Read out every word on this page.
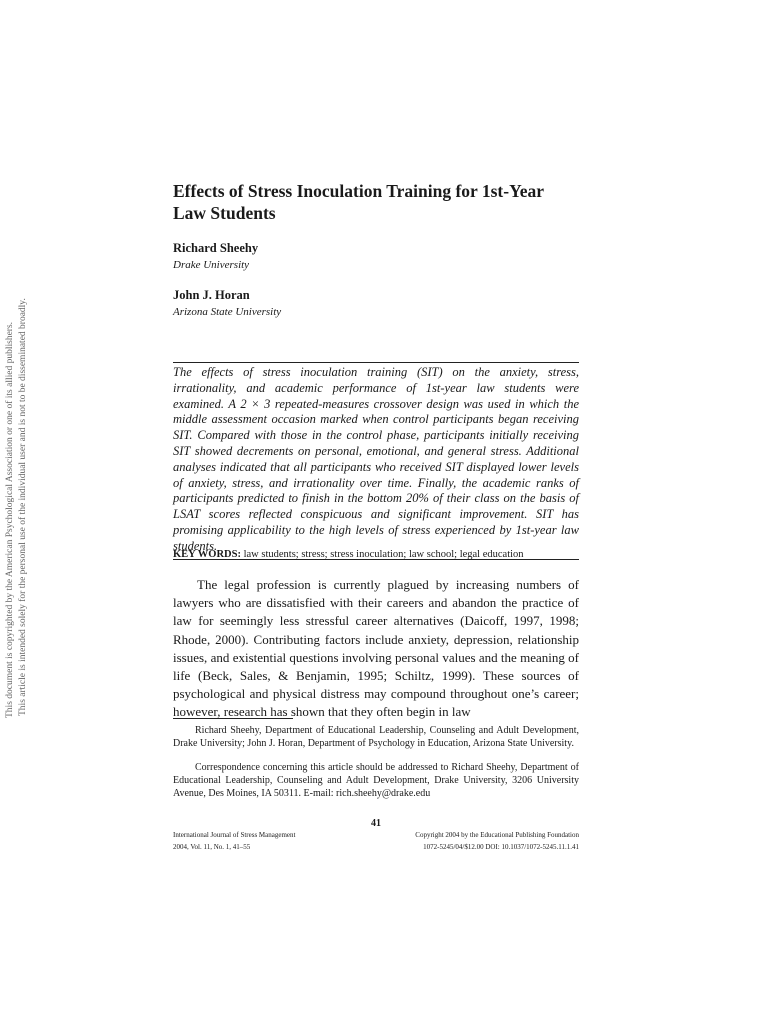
This document is copyrighted by the American Psychological Association or one of its allied publishers. This article is intended solely for the personal use of the individual user and is not to be disseminated broadly.
Effects of Stress Inoculation Training for 1st-Year Law Students
Richard Sheehy
Drake University
John J. Horan
Arizona State University
The effects of stress inoculation training (SIT) on the anxiety, stress, irrationality, and academic performance of 1st-year law students were examined. A 2 × 3 repeated-measures crossover design was used in which the middle assessment occasion marked when control participants began receiving SIT. Compared with those in the control phase, participants initially receiving SIT showed decrements on personal, emotional, and general stress. Additional analyses indicated that all participants who received SIT displayed lower levels of anxiety, stress, and irrationality over time. Finally, the academic ranks of participants predicted to finish in the bottom 20% of their class on the basis of LSAT scores reflected conspicuous and significant improvement. SIT has promising applicability to the high levels of stress experienced by 1st-year law students.
KEY WORDS: law students; stress; stress inoculation; law school; legal education
The legal profession is currently plagued by increasing numbers of lawyers who are dissatisfied with their careers and abandon the practice of law for seemingly less stressful career alternatives (Daicoff, 1997, 1998; Rhode, 2000). Contributing factors include anxiety, depression, relationship issues, and existential questions involving personal values and the meaning of life (Beck, Sales, & Benjamin, 1995; Schiltz, 1999). These sources of psychological and physical distress may compound throughout one’s career; however, research has shown that they often begin in law
Richard Sheehy, Department of Educational Leadership, Counseling and Adult Development, Drake University; John J. Horan, Department of Psychology in Education, Arizona State University.
Correspondence concerning this article should be addressed to Richard Sheehy, Department of Educational Leadership, Counseling and Adult Development, Drake University, 3206 University Avenue, Des Moines, IA 50311. E-mail: rich.sheehy@drake.edu
41
International Journal of Stress Management
2004, Vol. 11, No. 1, 41–55
Copyright 2004 by the Educational Publishing Foundation
1072-5245/04/$12.00 DOI: 10.1037/1072-5245.11.1.41
